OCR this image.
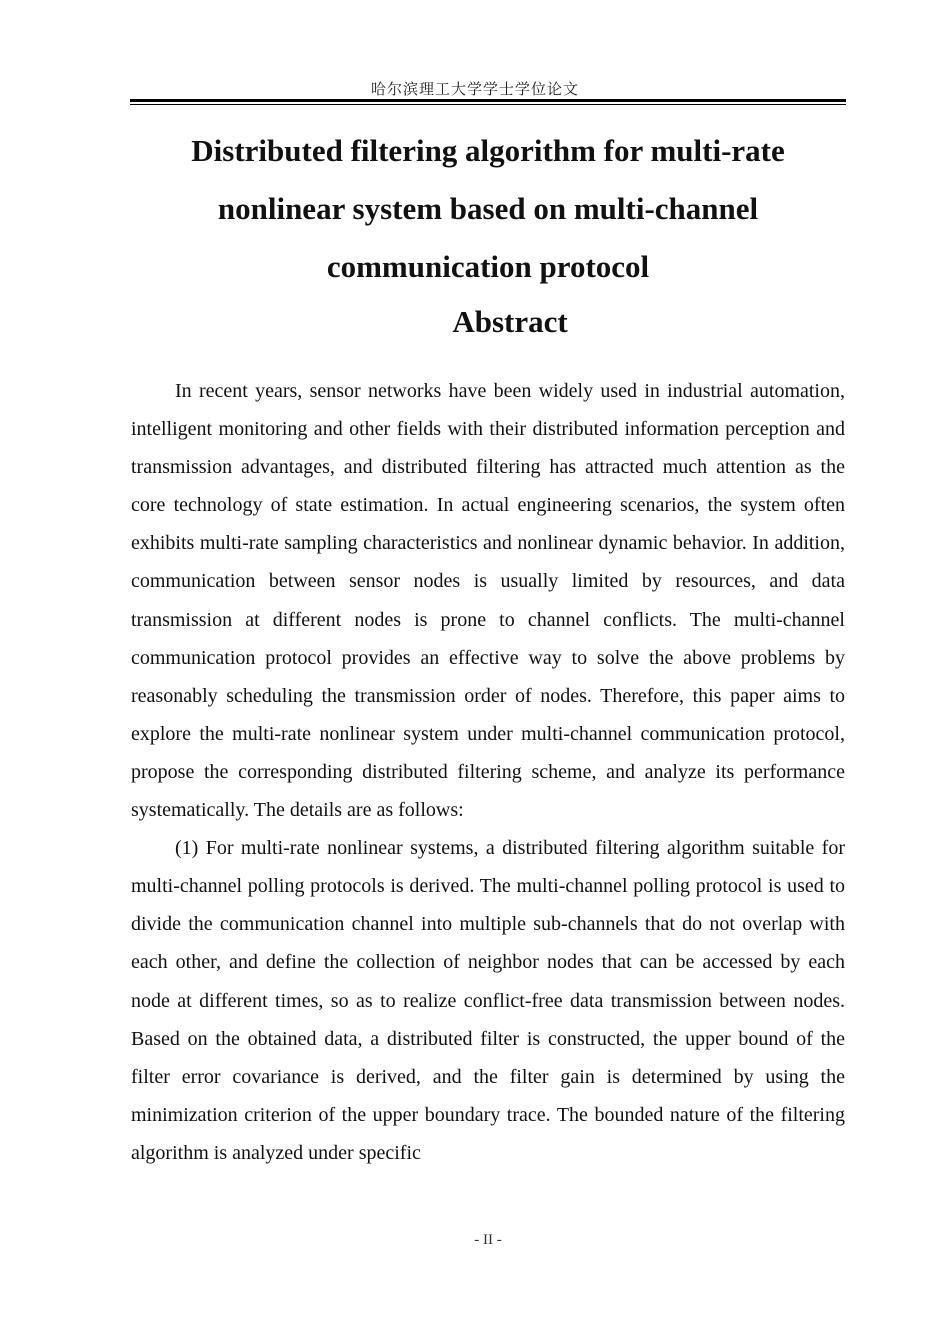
哈尔滨理工大学学士学位论文
Distributed filtering algorithm for multi-rate nonlinear system based on multi-channel communication protocol
Abstract

In recent years, sensor networks have been widely used in industrial automation, intelligent monitoring and other fields with their distributed information perception and transmission advantages, and distributed filtering has attracted much attention as the core technology of state estimation. In actual engineering scenarios, the system often exhibits multi-rate sampling characteristics and nonlinear dynamic behavior. In addition, communication between sensor nodes is usually limited by resources, and data transmission at different nodes is prone to channel conflicts. The multi-channel communication protocol provides an effective way to solve the above problems by reasonably scheduling the transmission order of nodes. Therefore, this paper aims to explore the multi-rate nonlinear system under multi-channel communication protocol, propose the corresponding distributed filtering scheme, and analyze its performance systematically. The details are as follows:

(1) For multi-rate nonlinear systems, a distributed filtering algorithm suitable for multi-channel polling protocols is derived. The multi-channel polling protocol is used to divide the communication channel into multiple sub-channels that do not overlap with each other, and define the collection of neighbor nodes that can be accessed by each node at different times, so as to realize conflict-free data transmission between nodes. Based on the obtained data, a distributed filter is constructed, the upper bound of the filter error covariance is derived, and the filter gain is determined by using the minimization criterion of the upper boundary trace. The bounded nature of the filtering algorithm is analyzed under specific

- II -
